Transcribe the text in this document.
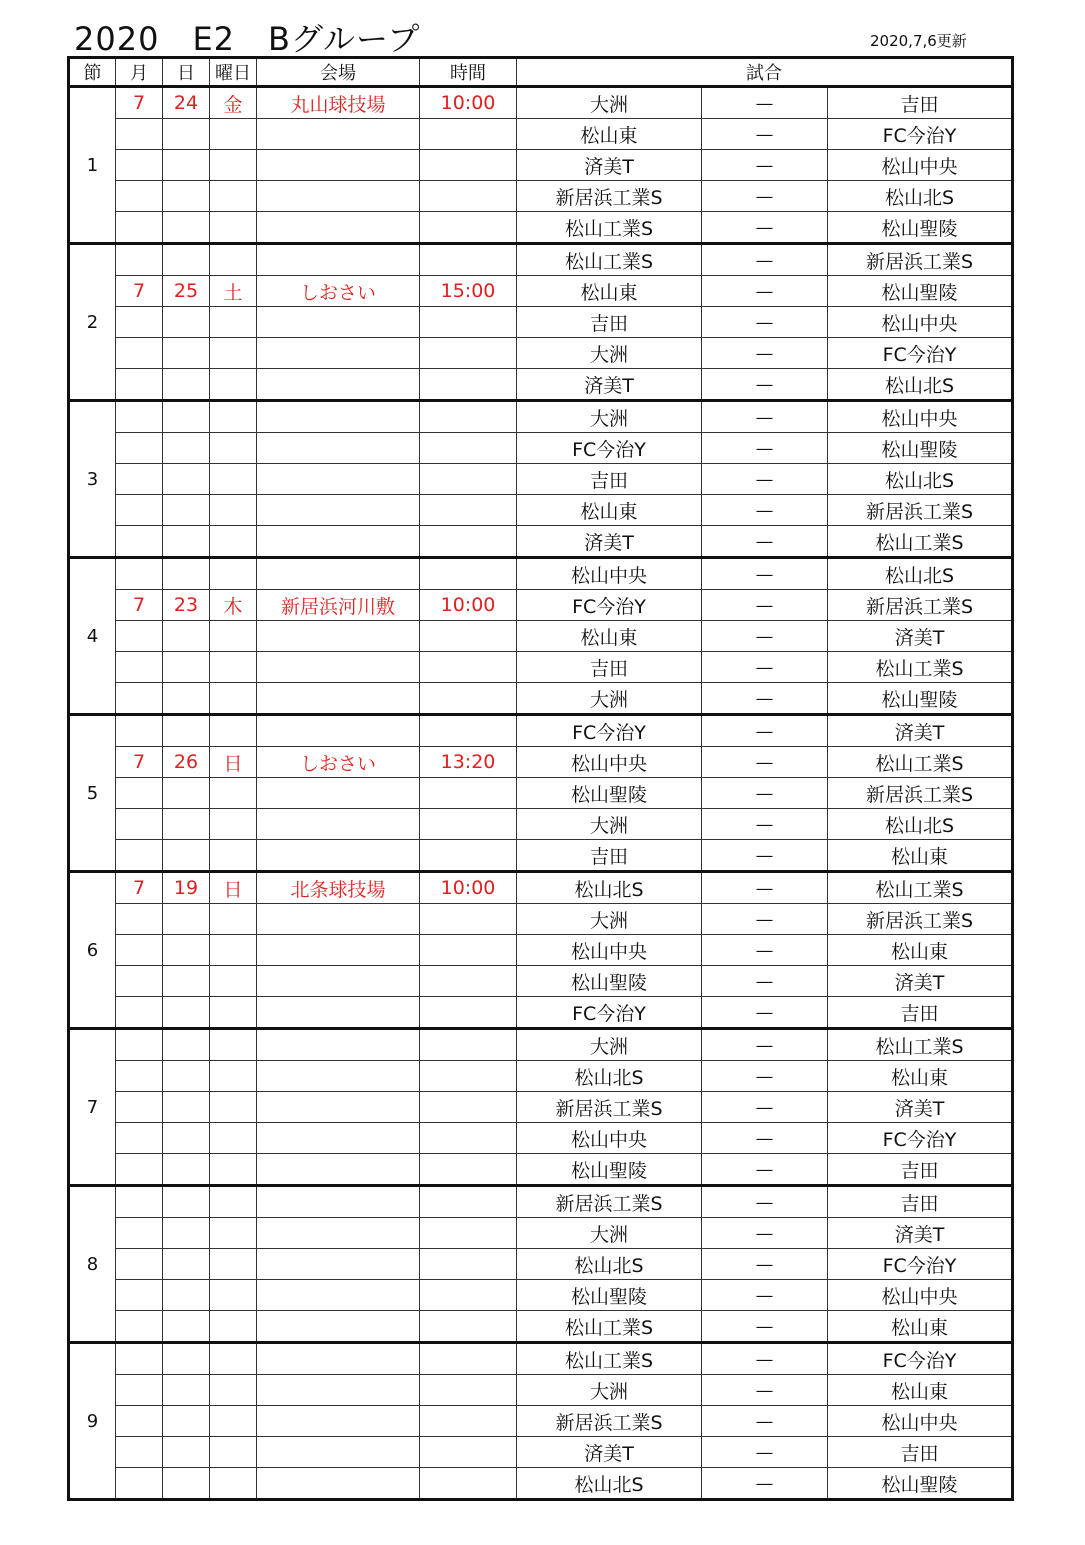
2020　E2　Bグループ	2020,7,6更新
節	月	日	曜日	会場	時間	試合		
1	7	24	金	丸山球技場	10:00	大洲	―	吉田
						松山東	―	FC今治Y
						済美T	―	松山中央
						新居浜工業S	―	松山北S
						松山工業S	―	松山聖陵
2						松山工業S	―	新居浜工業S
	7	25	土	しおさい	15:00	松山東	―	松山聖陵
						吉田	―	松山中央
						大洲	―	FC今治Y
						済美T	―	松山北S
3						大洲	―	松山中央
						FC今治Y	―	松山聖陵
						吉田	―	松山北S
						松山東	―	新居浜工業S
						済美T	―	松山工業S
4						松山中央	―	松山北S
	7	23	木	新居浜河川敷	10:00	FC今治Y	―	新居浜工業S
						松山東	―	済美T
						吉田	―	松山工業S
						大洲	―	松山聖陵
5						FC今治Y	―	済美T
	7	26	日	しおさい	13:20	松山中央	―	松山工業S
						松山聖陵	―	新居浜工業S
						大洲	―	松山北S
						吉田	―	松山東
6	7	19	日	北条球技場	10:00	松山北S	―	松山工業S
						大洲	―	新居浜工業S
						松山中央	―	松山東
						松山聖陵	―	済美T
						FC今治Y	―	吉田
7						大洲	―	松山工業S
						松山北S	―	松山東
						新居浜工業S	―	済美T
						松山中央	―	FC今治Y
						松山聖陵	―	吉田
8						新居浜工業S	―	吉田
						大洲	―	済美T
						松山北S	―	FC今治Y
						松山聖陵	―	松山中央
						松山工業S	―	松山東
9						松山工業S	―	FC今治Y
						大洲	―	松山東
						新居浜工業S	―	松山中央
						済美T	―	吉田
						松山北S	―	松山聖陵
